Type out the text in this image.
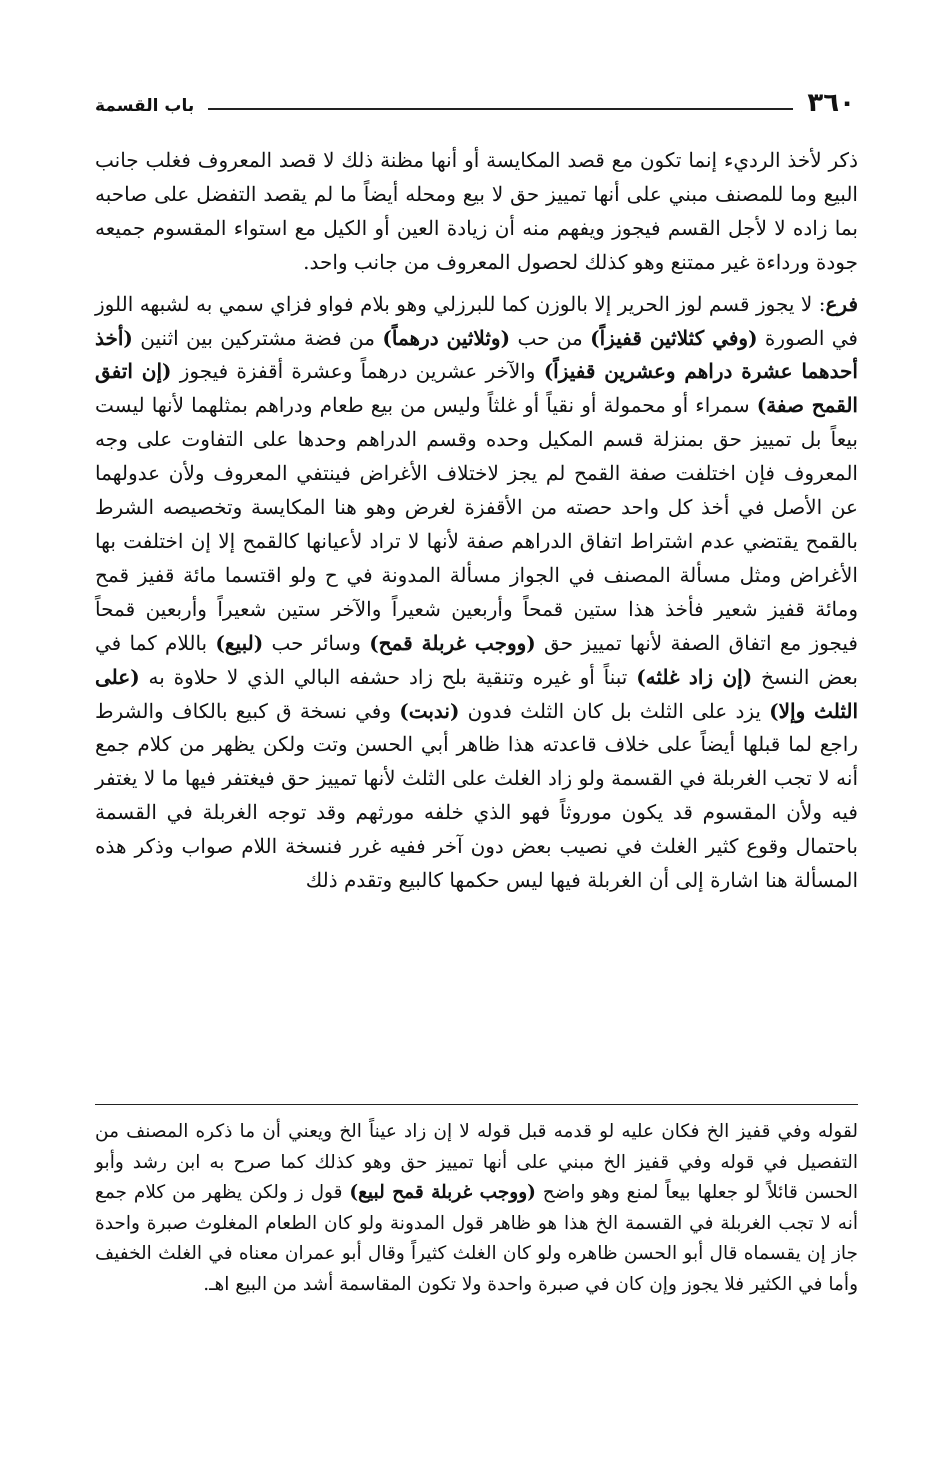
٣٦٠
باب القسمة

ذكر لأخذ الرديء إنما تكون مع قصد المكايسة أو أنها مظنة ذلك لا قصد المعروف فغلب جانب البيع وما للمصنف مبني على أنها تمييز حق لا بيع ومحله أيضاً ما لم يقصد التفضل على صاحبه بما زاده لا لأجل القسم فيجوز ويفهم منه أن زيادة العين أو الكيل مع استواء المقسوم جميعه جودة ورداءة غير ممتنع وهو كذلك لحصول المعروف من جانب واحد.

فرع: لا يجوز قسم لوز الحرير إلا بالوزن كما للبرزلي وهو بلام فواو فزاي سمي به لشبهه اللوز في الصورة (وفي كثلاثين قفيزاً) من حب (وثلاثين درهماً) من فضة مشتركين بين اثنين (أخذ أحدهما عشرة دراهم وعشرين قفيزاً) والآخر عشرين درهماً وعشرة أقفزة فيجوز (إن اتفق القمح صفة) سمراء أو محمولة أو نقياً أو غلثاً وليس من بيع طعام ودراهم بمثلهما لأنها ليست بيعاً بل تمييز حق بمنزلة قسم المكيل وحده وقسم الدراهم وحدها على التفاوت على وجه المعروف فإن اختلفت صفة القمح لم يجز لاختلاف الأغراض فينتفي المعروف ولأن عدولهما عن الأصل في أخذ كل واحد حصته من الأقفزة لغرض وهو هنا المكايسة وتخصيصه الشرط بالقمح يقتضي عدم اشتراط اتفاق الدراهم صفة لأنها لا تراد لأعيانها كالقمح إلا إن اختلفت بها الأغراض ومثل مسألة المصنف في الجواز مسألة المدونة في ح ولو اقتسما مائة قفيز قمح ومائة قفيز شعير فأخذ هذا ستين قمحاً وأربعين شعيراً والآخر ستين شعيراً وأربعين قمحاً فيجوز مع اتفاق الصفة لأنها تمييز حق (ووجب غربلة قمح) وسائر حب (لبيع) باللام كما في بعض النسخ (إن زاد غلثه) تبناً أو غيره وتنقية بلح زاد حشفه البالي الذي لا حلاوة به (على الثلث وإلا) يزد على الثلث بل كان الثلث فدون (ندبت) وفي نسخة ق كبيع بالكاف والشرط راجع لما قبلها أيضاً على خلاف قاعدته هذا ظاهر أبي الحسن وتت ولكن يظهر من كلام جمع أنه لا تجب الغربلة في القسمة ولو زاد الغلث على الثلث لأنها تمييز حق فيغتفر فيها ما لا يغتفر فيه ولأن المقسوم قد يكون موروثاً فهو الذي خلفه مورثهم وقد توجه الغربلة في القسمة باحتمال وقوع كثير الغلث في نصيب بعض دون آخر ففيه غرر فنسخة اللام صواب وذكر هذه المسألة هنا اشارة إلى أن الغربلة فيها ليس حكمها كالبيع وتقدم ذلك

لقوله وفي قفيز الخ فكان عليه لو قدمه قبل قوله لا إن زاد عيناً الخ ويعني أن ما ذكره المصنف من التفصيل في قوله وفي قفيز الخ مبني على أنها تمييز حق وهو كذلك كما صرح به ابن رشد وأبو الحسن قائلاً لو جعلها بيعاً لمنع وهو واضح (ووجب غربلة قمح لبيع) قول ز ولكن يظهر من كلام جمع أنه لا تجب الغربلة في القسمة الخ هذا هو ظاهر قول المدونة ولو كان الطعام المغلوث صبرة واحدة جاز إن يقسماه قال أبو الحسن ظاهره ولو كان الغلث كثيراً وقال أبو عمران معناه في الغلث الخفيف وأما في الكثير فلا يجوز وإن كان في صبرة واحدة ولا تكون المقاسمة أشد من البيع اهـ.
